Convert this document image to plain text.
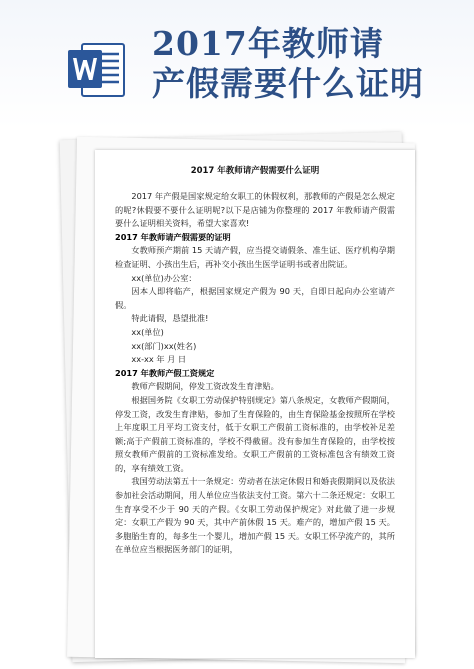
2017年教师请
产假需要什么证明
2017 年教师请产假需要什么证明

2017 年产假是国家规定给女职工的休假权利，那教师的产假是怎么规定的呢?休假要不要什么证明呢?以下是店铺为你整理的 2017 年教师请产假需要什么证明相关资料，希望大家喜欢!

2017 年教师请产假需要的证明

女教师预产期前 15 天请产假，应当提交请假条、准生证、医疗机构孕期检查证明、小孩出生后，再补交小孩出生医学证明书或者出院证。

xx(单位)办公室：

因本人即将临产，根据国家规定产假为 90 天，自即日起向办公室请产假。

特此请假，恳望批准!

xx(单位)

xx(部门)xx(姓名)

xx-xx 年 月 日

2017 年教师产假工资规定

教师产假期间，停发工资改发生育津贴。

根据国务院《女职工劳动保护特别规定》第八条规定，女教师产假期间，停发工资，改发生育津贴，参加了生育保险的，由生育保险基金按照所在学校上年度职工月平均工资支付，低于女职工产假前工资标准的，由学校补足差额;高于产假前工资标准的，学校不得截留。没有参加生育保险的，由学校按照女教师产假前的工资标准发给。女职工产假前的工资标准包含有绩效工资的，享有绩效工资。

我国劳动法第五十一条规定：劳动者在法定休假日和婚丧假期间以及依法参加社会活动期间，用人单位应当依法支付工资。第六十二条还规定：女职工生育享受不少于 90 天的产假。《女职工劳动保护规定》对此做了进一步规定：女职工产假为 90 天，其中产前休假 15 天。难产的，增加产假 15 天。多胞胎生育的，每多生一个婴儿，增加产假 15 天。女职工怀孕流产的，其所在单位应当根据医务部门的证明，
